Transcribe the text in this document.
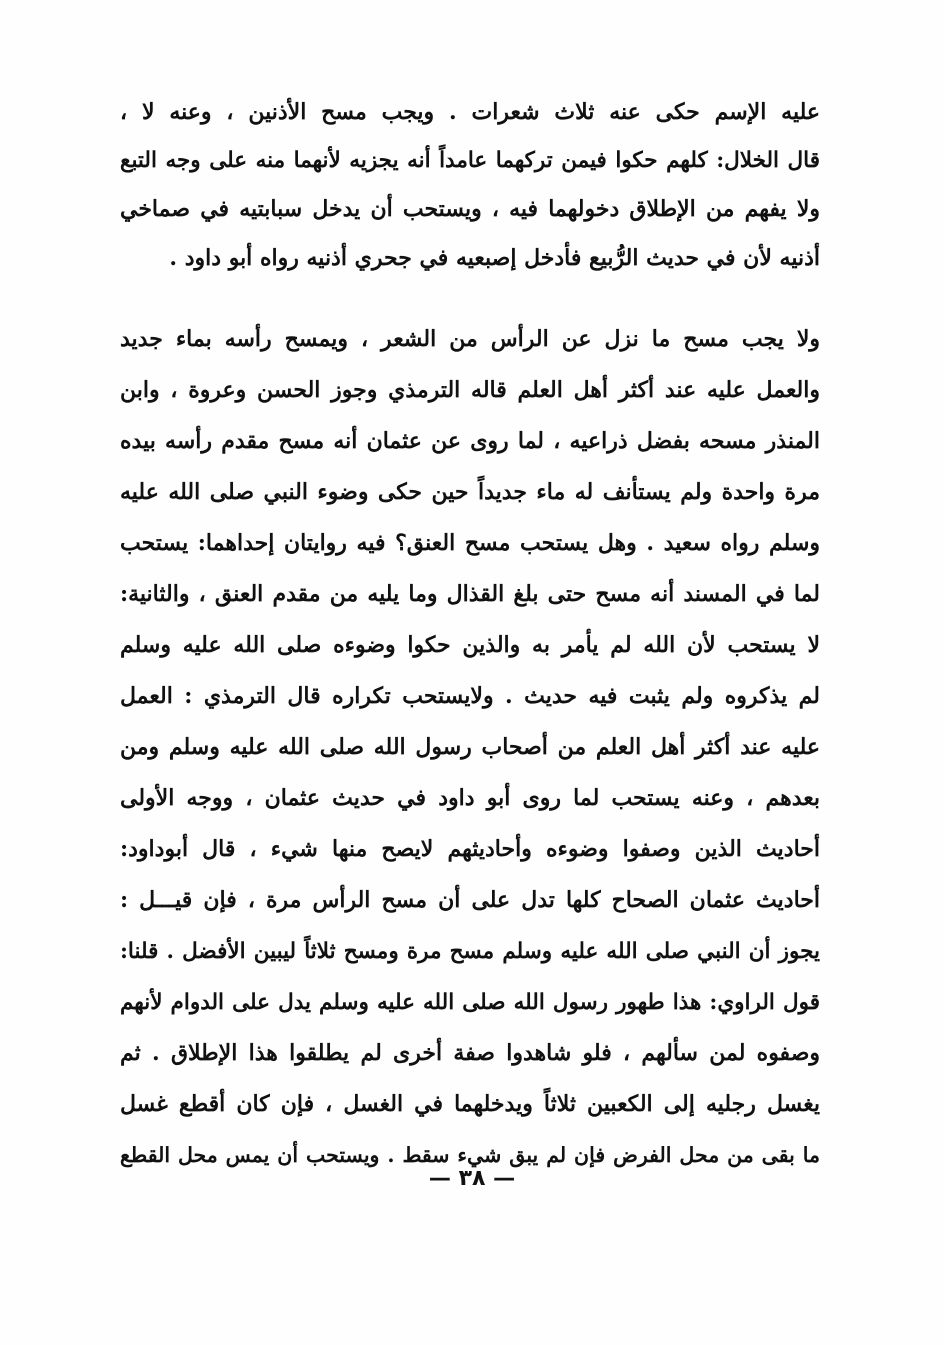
عليه الإسم حكى عنه ثلاث شعرات . ويجب مسح الأذنين ، وعنه لا ،
قال الخلال: كلهم حكوا فيمن تركهما عامداً أنه يجزيه لأنهما منه على وجه التبع
ولا يفهم من الإطلاق دخولهما فيه ، ويستحب أن يدخل سبابتيه في صماخي
أذنيه لأن في حديث الرُّبيع فأدخل إصبعيه في جحري أذنيه رواه أبو داود .
ولا يجب مسح ما نزل عن الرأس من الشعر ، ويمسح رأسه بماء جديد
والعمل عليه عند أكثر أهل العلم قاله الترمذي وجوز الحسن وعروة ، وابن
المنذر مسحه بفضل ذراعيه ، لما روى عن عثمان أنه مسح مقدم رأسه بيده
مرة واحدة ولم يستأنف له ماء جديداً حين حكى وضوء النبي صلى الله عليه
وسلم رواه سعيد . وهل يستحب مسح العنق؟ فيه روايتان إحداهما: يستحب
لما في المسند أنه مسح حتى بلغ القذال وما يليه من مقدم العنق ، والثانية:
لا يستحب لأن الله لم يأمر به والذين حكوا وضوءه صلى الله عليه وسلم
لم يذكروه ولم يثبت فيه حديث . ولايستحب تكراره قال الترمذي : العمل
عليه عند أكثر أهل العلم من أصحاب رسول الله صلى الله عليه وسلم ومن
بعدهم ، وعنه يستحب لما روى أبو داود في حديث عثمان ، ووجه الأولى
أحاديث الذين وصفوا وضوءه وأحاديثهم لايصح منها شيء ، قال أبوداود:
أحاديث عثمان الصحاح كلها تدل على أن مسح الرأس مرة ، فإن قيـــل :
يجوز أن النبي صلى الله عليه وسلم مسح مرة ومسح ثلاثاً ليبين الأفضل . قلنا:
قول الراوي: هذا طهور رسول الله صلى الله عليه وسلم يدل على الدوام لأنهم
وصفوه لمن سألهم ، فلو شاهدوا صفة أخرى لم يطلقوا هذا الإطلاق . ثم
يغسل رجليه إلى الكعبين ثلاثاً ويدخلهما في الغسل ، فإن كان أقطع غسل
ما بقى من محل الفرض فإن لم يبق شيء سقط . ويستحب أن يمس محل القطع
— ٣٨ —
